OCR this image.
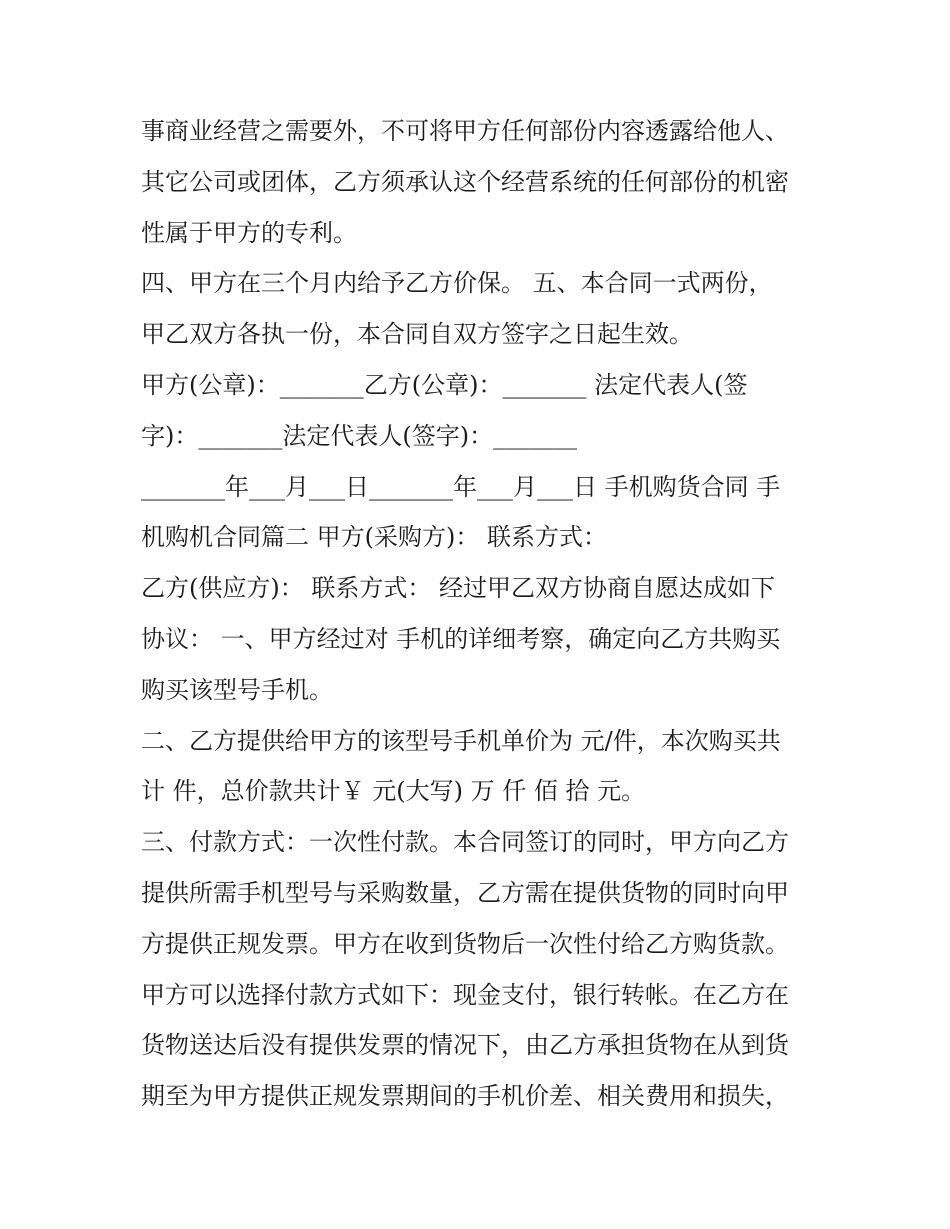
事商业经营之需要外，不可将甲方任何部份内容透露给他人、
其它公司或团体，乙方须承认这个经营系统的任何部份的机密
性属于甲方的专利。
四、甲方在三个月内给予乙方价保。 五、本合同一式两份，
甲乙双方各执一份，本合同自双方签字之日起生效。
甲方(公章)：_______乙方(公章)：_______ 法定代表人(签
字)：_______法定代表人(签字)：_______
_______年___月___日_______年___月___日 手机购货合同 手
机购机合同篇二 甲方(采购方)： 联系方式：
乙方(供应方)： 联系方式： 经过甲乙双方协商自愿达成如下
协议： 一、甲方经过对 手机的详细考察，确定向乙方共购买
购买该型号手机。
二、乙方提供给甲方的该型号手机单价为 元/件，本次购买共
计 件，总价款共计￥ 元(大写) 万 仟 佰 拾 元。
三、付款方式：一次性付款。本合同签订的同时，甲方向乙方
提供所需手机型号与采购数量，乙方需在提供货物的同时向甲
方提供正规发票。甲方在收到货物后一次性付给乙方购货款。
甲方可以选择付款方式如下：现金支付，银行转帐。在乙方在
货物送达后没有提供发票的情况下，由乙方承担货物在从到货
期至为甲方提供正规发票期间的手机价差、相关费用和损失，
